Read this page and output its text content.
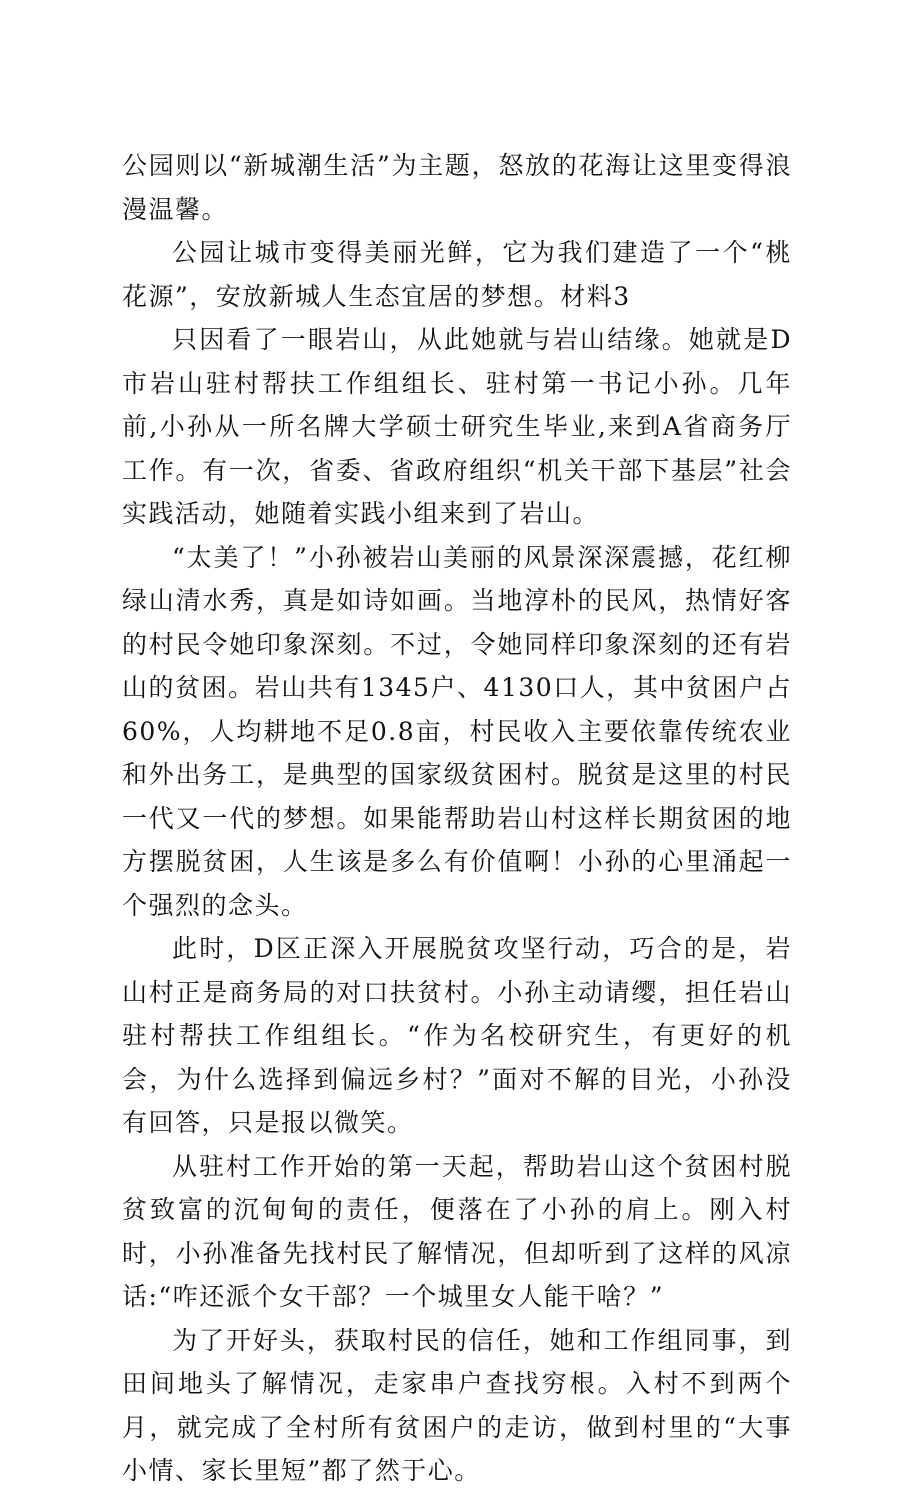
公园则以“新城潮生活”为主题，怒放的花海让这里变得浪漫温馨。

公园让城市变得美丽光鲜，它为我们建造了一个“桃花源”，安放新城人生态宜居的梦想。材料3

只因看了一眼岩山，从此她就与岩山结缘。她就是D市岩山驻村帮扶工作组组长、驻村第一书记小孙。几年前,小孙从一所名牌大学硕士研究生毕业,来到A省商务厅工作。有一次，省委、省政府组织“机关干部下基层”社会实践活动，她随着实践小组来到了岩山。

“太美了！”小孙被岩山美丽的风景深深震撼，花红柳绿山清水秀，真是如诗如画。当地淳朴的民风，热情好客的村民令她印象深刻。不过，令她同样印象深刻的还有岩山的贫困。岩山共有1345户、4130口人，其中贫困户占60%，人均耕地不足0.8亩，村民收入主要依靠传统农业和外出务工，是典型的国家级贫困村。脱贫是这里的村民一代又一代的梦想。如果能帮助岩山村这样长期贫困的地方摆脱贫困，人生该是多么有价值啊！小孙的心里涌起一个强烈的念头。

此时，D区正深入开展脱贫攻坚行动，巧合的是，岩山村正是商务局的对口扶贫村。小孙主动请缨，担任岩山驻村帮扶工作组组长。“作为名校研究生，有更好的机会，为什么选择到偏远乡村？”面对不解的目光，小孙没有回答，只是报以微笑。

从驻村工作开始的第一天起，帮助岩山这个贫困村脱贫致富的沉甸甸的责任，便落在了小孙的肩上。刚入村时，小孙准备先找村民了解情况，但却听到了这样的风凉话:“咋还派个女干部？一个城里女人能干啥？”

为了开好头，获取村民的信任，她和工作组同事，到田间地头了解情况，走家串户查找穷根。入村不到两个月，就完成了全村所有贫困户的走访，做到村里的“大事小情、家长里短”都了然于心。
